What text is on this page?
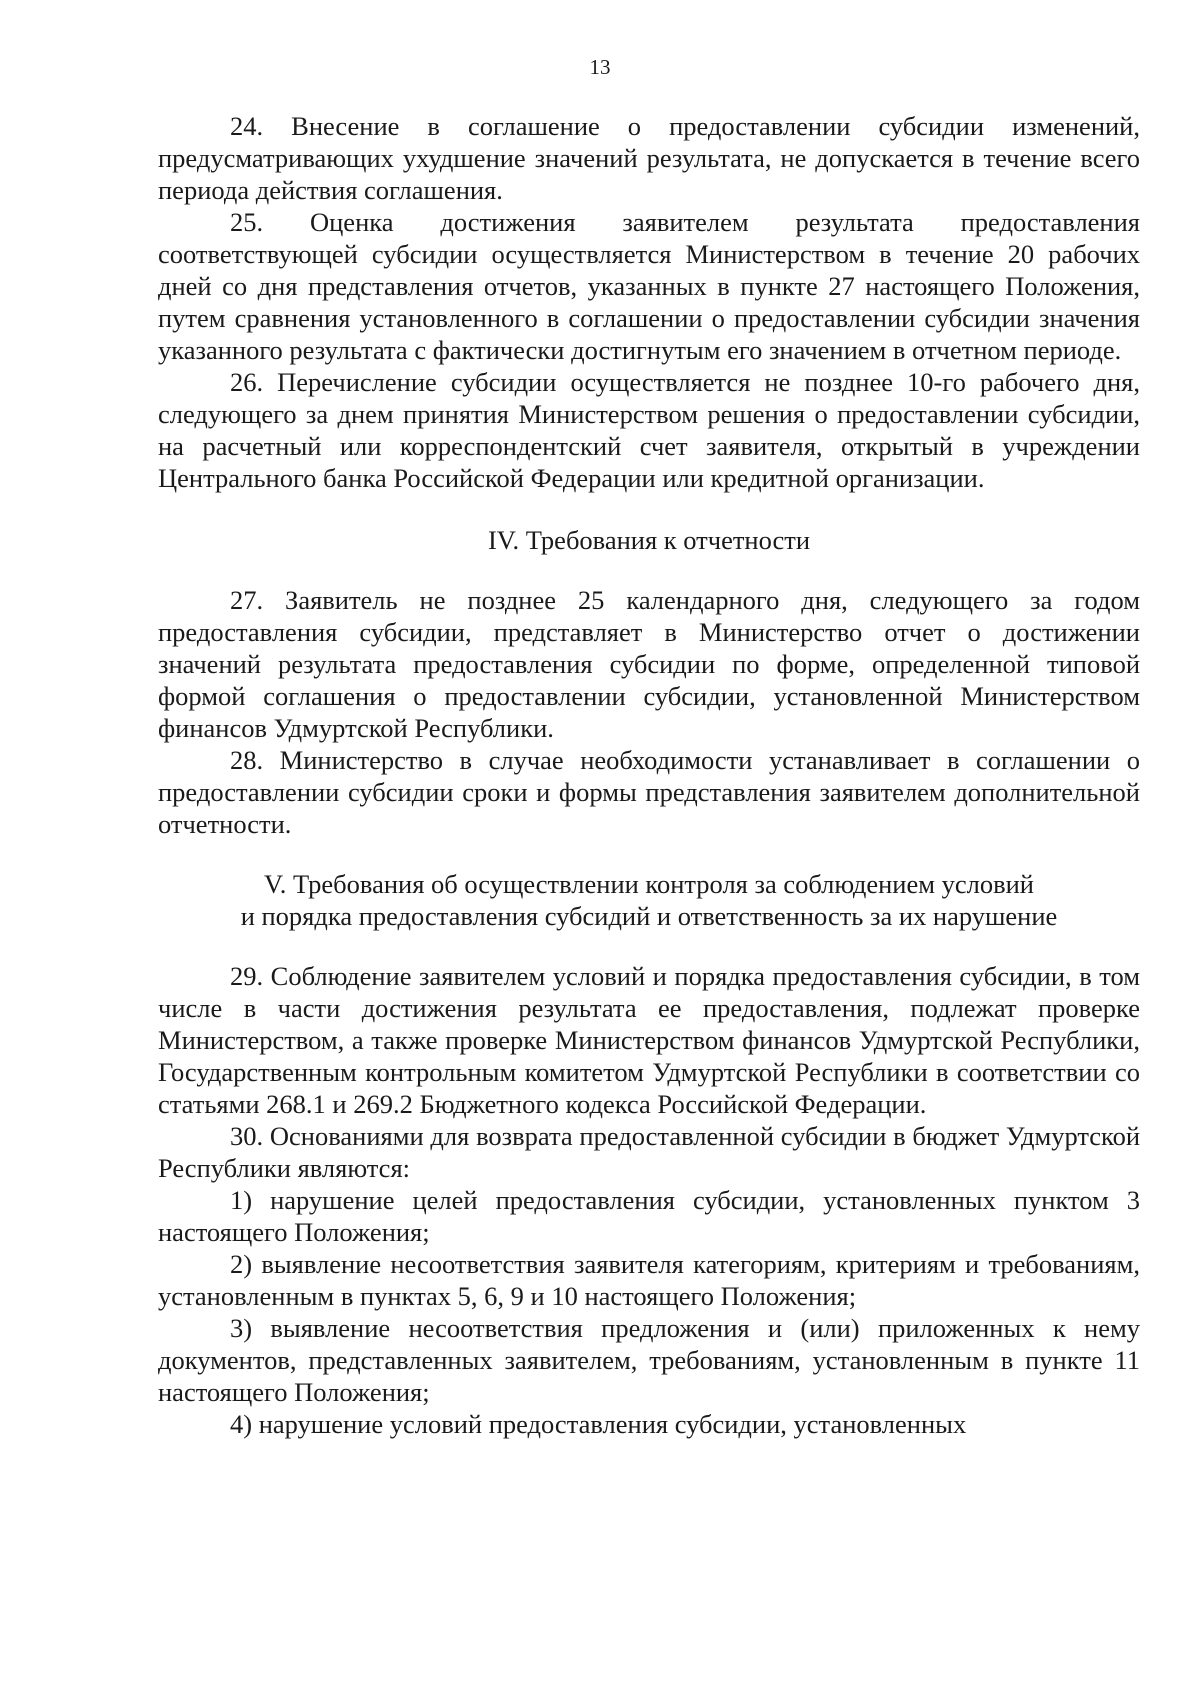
13

24. Внесение в соглашение о предоставлении субсидии изменений, предусматривающих ухудшение значений результата, не допускается в течение всего периода действия соглашения.

25. Оценка достижения заявителем результата предоставления соответствующей субсидии осуществляется Министерством в течение 20 рабочих дней со дня представления отчетов, указанных в пункте 27 настоящего Положения, путем сравнения установленного в соглашении о предоставлении субсидии значения указанного результата с фактически достигнутым его значением в отчетном периоде.

26. Перечисление субсидии осуществляется не позднее 10-го рабочего дня, следующего за днем принятия Министерством решения о предоставлении субсидии, на расчетный или корреспондентский счет заявителя, открытый в учреждении Центрального банка Российской Федерации или кредитной организации.

IV. Требования к отчетности

27. Заявитель не позднее 25 календарного дня, следующего за годом предоставления субсидии, представляет в Министерство отчет о достижении значений результата предоставления субсидии по форме, определенной типовой формой соглашения о предоставлении субсидии, установленной Министерством финансов Удмуртской Республики.

28. Министерство в случае необходимости устанавливает в соглашении о предоставлении субсидии сроки и формы представления заявителем дополнительной отчетности.

V. Требования об осуществлении контроля за соблюдением условий
и порядка предоставления субсидий и ответственность за их нарушение

29. Соблюдение заявителем условий и порядка предоставления субсидии, в том числе в части достижения результата ее предоставления, подлежат проверке Министерством, а также проверке Министерством финансов Удмуртской Республики, Государственным контрольным комитетом Удмуртской Республики в соответствии со статьями 268.1 и 269.2 Бюджетного кодекса Российской Федерации.

30. Основаниями для возврата предоставленной субсидии в бюджет Удмуртской Республики являются:

1) нарушение целей предоставления субсидии, установленных пунктом 3 настоящего Положения;

2) выявление несоответствия заявителя категориям, критериям и требованиям, установленным в пунктах 5, 6, 9 и 10 настоящего Положения;

3) выявление несоответствия предложения и (или) приложенных к нему документов, представленных заявителем, требованиям, установленным в пункте 11 настоящего Положения;

4) нарушение условий предоставления субсидии, установленных
